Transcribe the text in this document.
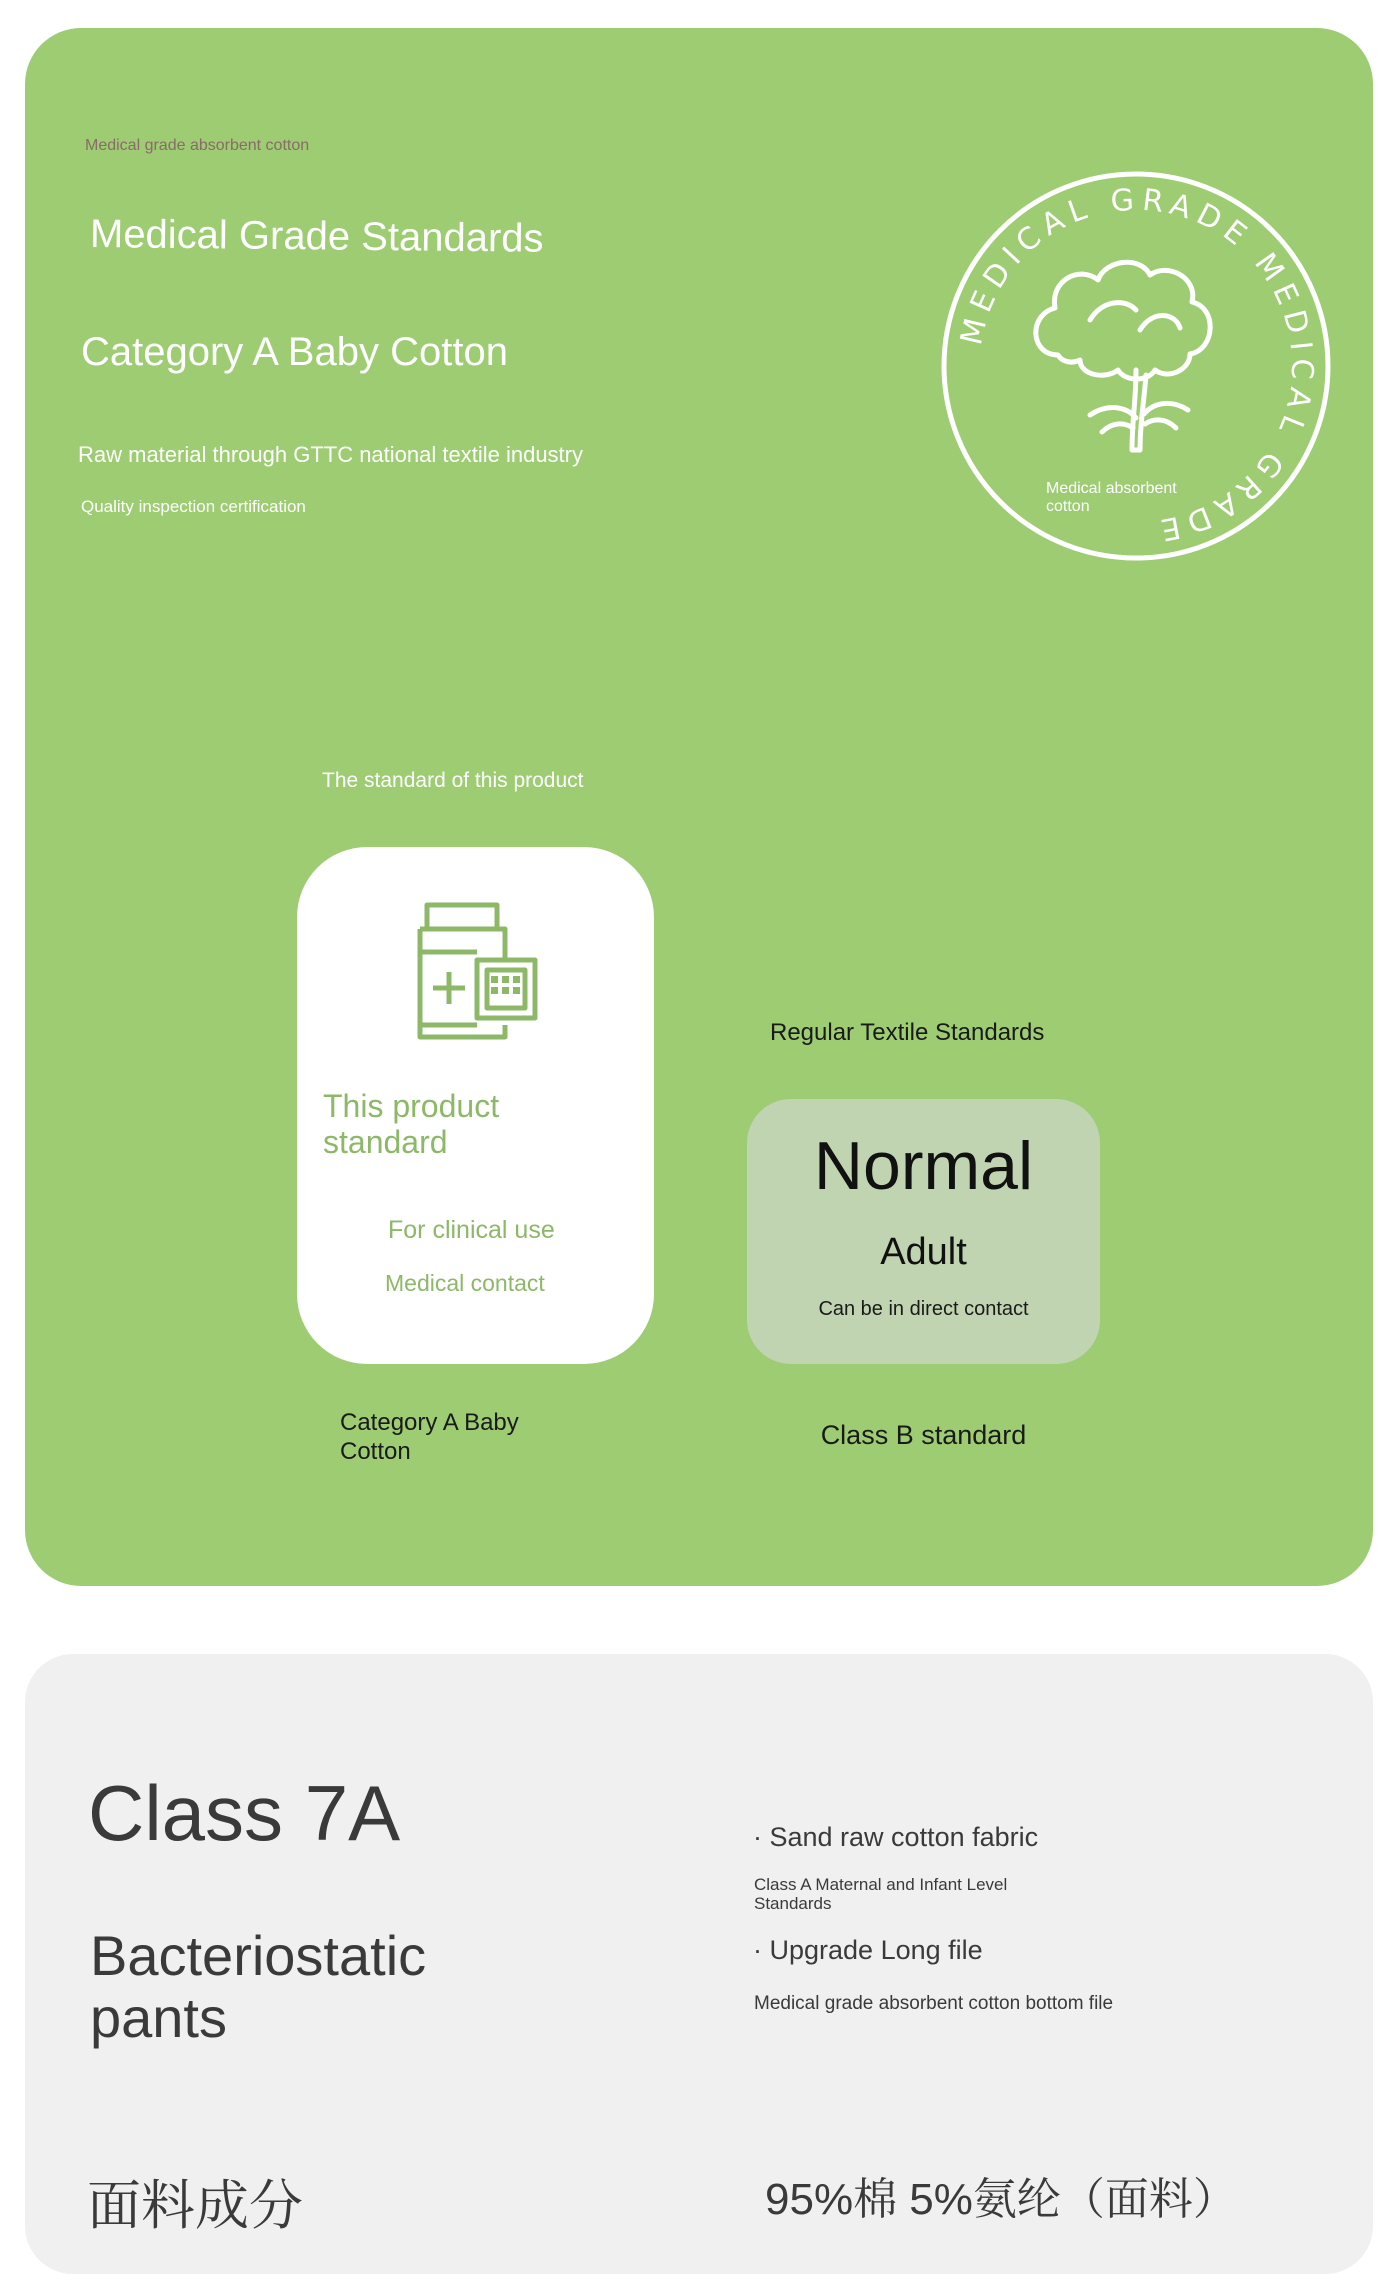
Medical grade absorbent cotton
Medical Grade Standards
Category A Baby Cotton
Raw material through GTTC national textile industry
Quality inspection certification
MEDICAL GRADE MEDICAL GRADE
Medical absorbent cotton
The standard of this product
This product standard
For clinical use
Medical contact
Category A Baby Cotton
Regular Textile Standards
Normal
Adult
Can be in direct contact
Class B standard
Class 7A
Bacteriostatic pants
· Sand raw cotton fabric
Class A Maternal and Infant Level Standards
· Upgrade Long file
Medical grade absorbent cotton bottom file
面料成分	95%棉 5%氨纶（面料）
